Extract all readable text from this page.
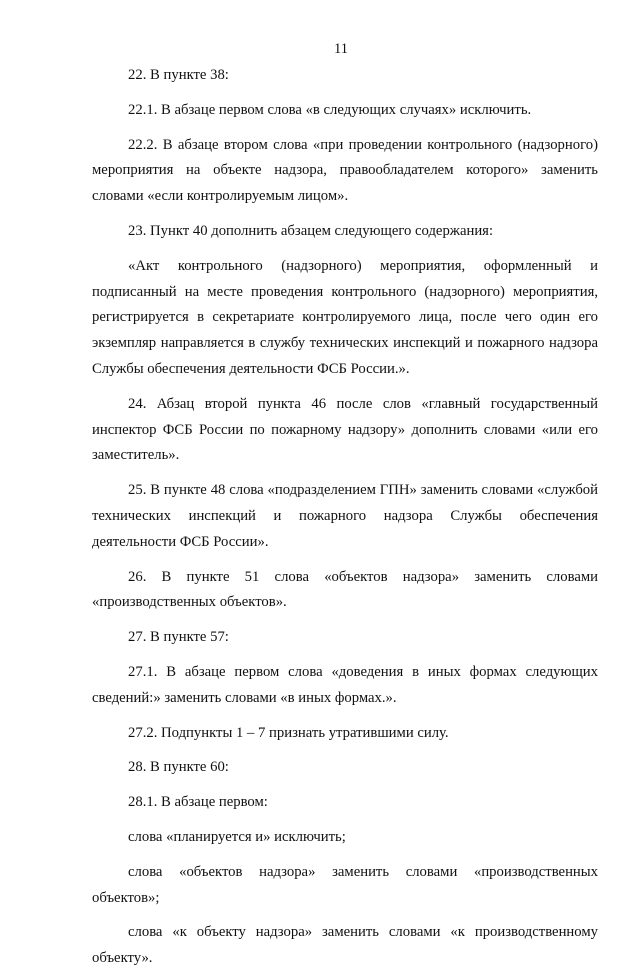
11

22. В пункте 38:

22.1. В абзаце первом слова «в следующих случаях» исключить.

22.2. В абзаце втором слова «при проведении контрольного (надзорного) мероприятия на объекте надзора, правообладателем которого» заменить словами «если контролируемым лицом».

23. Пункт 40 дополнить абзацем следующего содержания:

«Акт контрольного (надзорного) мероприятия, оформленный и подписанный на месте проведения контрольного (надзорного) мероприятия, регистрируется в секретариате контролируемого лица, после чего один его экземпляр направляется в службу технических инспекций и пожарного надзора Службы обеспечения деятельности ФСБ России.».

24. Абзац второй пункта 46 после слов «главный государственный инспектор ФСБ России по пожарному надзору» дополнить словами «или его заместитель».

25. В пункте 48 слова «подразделением ГПН» заменить словами «службой технических инспекций и пожарного надзора Службы обеспечения деятельности ФСБ России».

26. В пункте 51 слова «объектов надзора» заменить словами «производственных объектов».

27. В пункте 57:

27.1. В абзаце первом слова «доведения в иных формах следующих сведений:» заменить словами «в иных формах.».

27.2. Подпункты 1 – 7 признать утратившими силу.

28. В пункте 60:

28.1. В абзаце первом:

слова «планируется и» исключить;

слова «объектов надзора» заменить словами «производственных объектов»;

слова «к объекту надзора» заменить словами «к производственному объекту».
